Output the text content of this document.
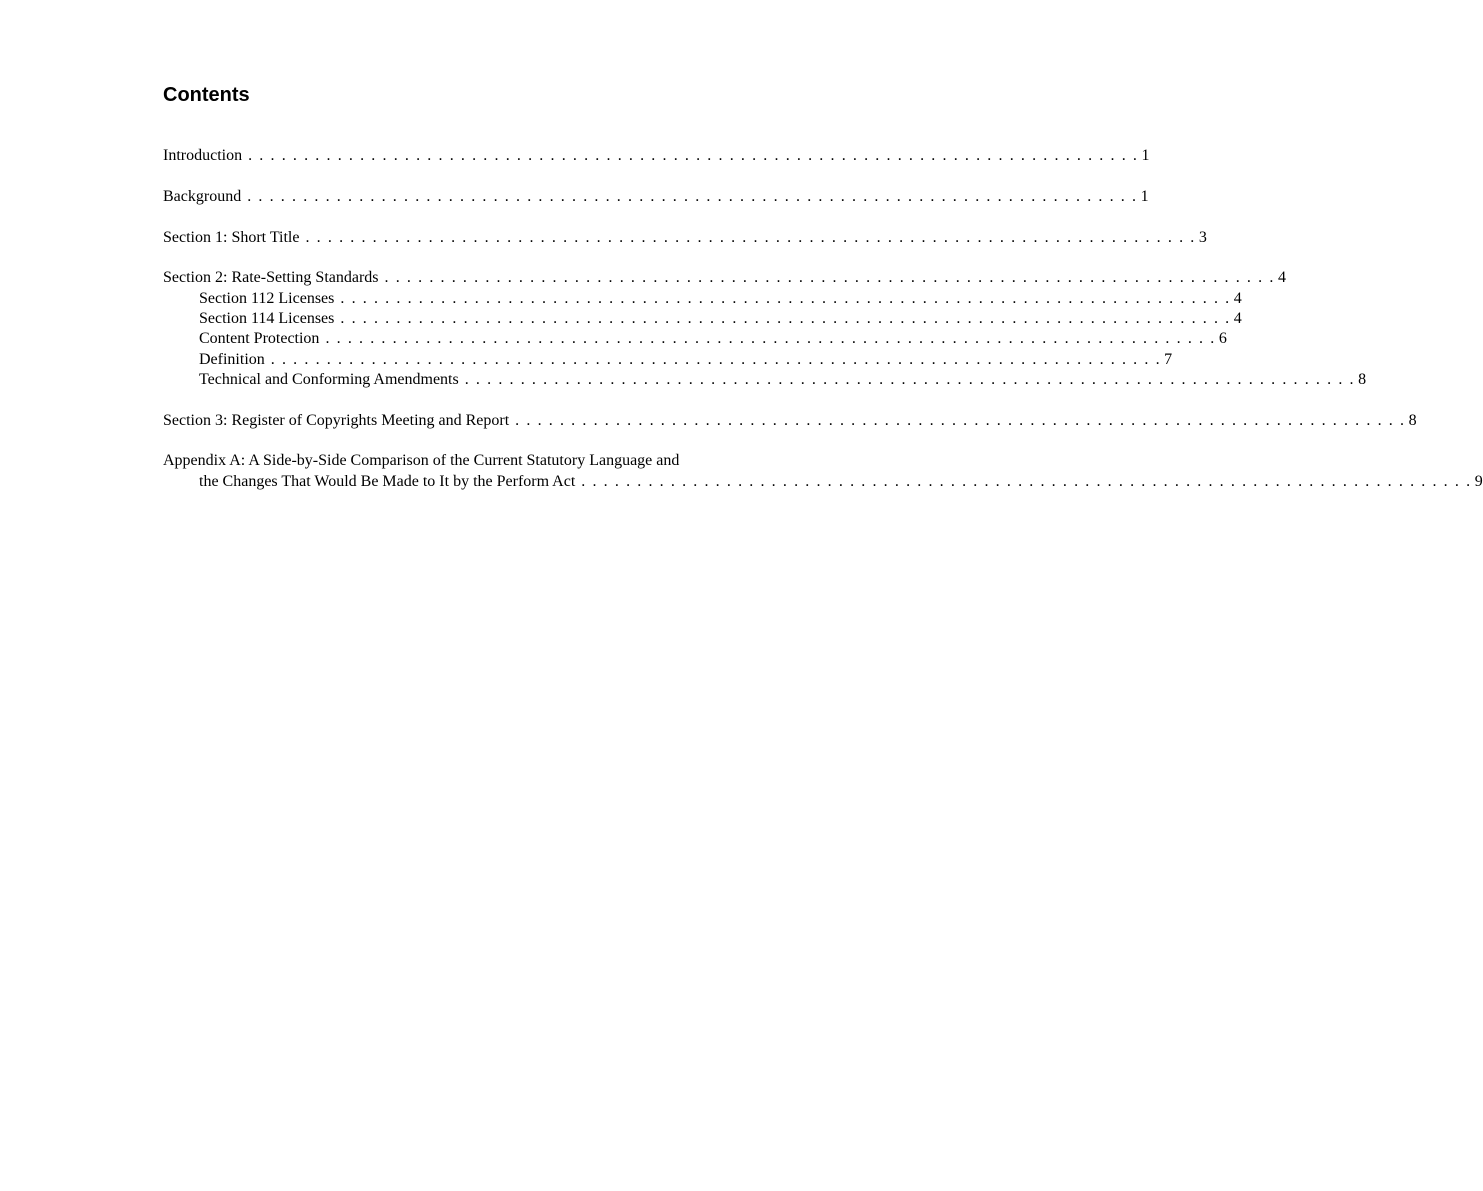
Contents
Introduction . . . . . . . . . . . . . . . . . . . . . . . . . . . . . . . . . . . . . . . . . . . . . . . . . . . . . . . . . . . . . . . . . . . . . . . . . . . . . . . . 1
Background . . . . . . . . . . . . . . . . . . . . . . . . . . . . . . . . . . . . . . . . . . . . . . . . . . . . . . . . . . . . . . . . . . . . . . . . . . . . . . . . 1
Section 1: Short Title . . . . . . . . . . . . . . . . . . . . . . . . . . . . . . . . . . . . . . . . . . . . . . . . . . . . . . . . . . . . . . . . . . . . . . . . . . . . . . . . 3
Section 2: Rate-Setting Standards . . . . . . . . . . . . . . . . . . . . . . . . . . . . . . . . . . . . . . . . . . . . . . . . . . . . . . . . . . . . . . . . . . . . . . . . . . . . . . . . 4
Section 112 Licenses . . . . . . . . . . . . . . . . . . . . . . . . . . . . . . . . . . . . . . . . . . . . . . . . . . . . . . . . . . . . . . . . . . . . . . . . . . . . . . . . 4
Section 114 Licenses . . . . . . . . . . . . . . . . . . . . . . . . . . . . . . . . . . . . . . . . . . . . . . . . . . . . . . . . . . . . . . . . . . . . . . . . . . . . . . . . 4
Content Protection . . . . . . . . . . . . . . . . . . . . . . . . . . . . . . . . . . . . . . . . . . . . . . . . . . . . . . . . . . . . . . . . . . . . . . . . . . . . . . . . 6
Definition . . . . . . . . . . . . . . . . . . . . . . . . . . . . . . . . . . . . . . . . . . . . . . . . . . . . . . . . . . . . . . . . . . . . . . . . . . . . . . . . 7
Technical and Conforming Amendments . . . . . . . . . . . . . . . . . . . . . . . . . . . . . . . . . . . . . . . . . . . . . . . . . . . . . . . . . . . . . . . . . . . . . . . . . . . . . . . . 8
Section 3: Register of Copyrights Meeting and Report . . . . . . . . . . . . . . . . . . . . . . . . . . . . . . . . . . . . . . . . . . . . . . . . . . . . . . . . . . . . . . . . . . . . . . . . . . . . . . . . 8
Appendix A: A Side-by-Side Comparison of the Current Statutory Language and
the Changes That Would Be Made to It by the Perform Act . . . . . . . . . . . . . . . . . . . . . . . . . . . . . . . . . . . . . . . . . . . . . . . . . . . . . . . . . . . . . . . . . . . . . . . . . . . . . . . . 9
